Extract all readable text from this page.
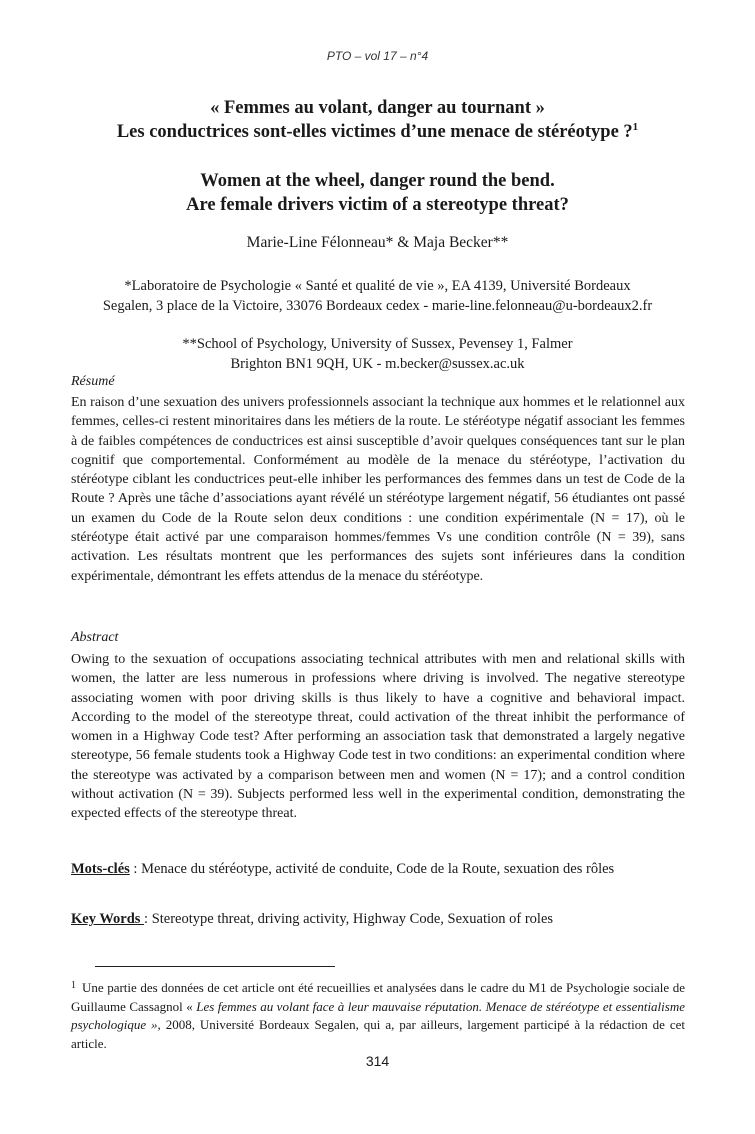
PTO – vol 17 – n°4
« Femmes au volant, danger au tournant »
Les conductrices sont-elles victimes d’une menace de stéréotype ?$^1$
Women at the wheel, danger round the bend.
Are female drivers victim of a stereotype threat?
Marie-Line Félonneau* & Maja Becker**
*Laboratoire de Psychologie « Santé et qualité de vie », EA 4139, Université Bordeaux
Segalen, 3 place de la Victoire, 33076 Bordeaux cedex - marie-line.felonneau@u-bordeaux2.fr
**School of Psychology, University of Sussex, Pevensey 1, Falmer
Brighton BN1 9QH, UK - m.becker@sussex.ac.uk
Résumé
En raison d’une sexuation des univers professionnels associant la technique aux hommes et le relationnel aux femmes, celles-ci restent minoritaires dans les métiers de la route. Le stéréotype négatif associant les femmes à de faibles compétences de conductrices est ainsi susceptible d’avoir quelques conséquences tant sur le plan cognitif que comportemental. Conformément au modèle de la menace du stéréotype, l’activation du stéréotype ciblant les conductrices peut-elle inhiber les performances des femmes dans un test de Code de la Route ? Après une tâche d’associations ayant révélé un stéréotype largement négatif, 56 étudiantes ont passé un examen du Code de la Route selon deux conditions : une condition expérimentale (N = 17), où le stéréotype était activé par une comparaison hommes/femmes Vs une condition contrôle (N = 39), sans activation. Les résultats montrent que les performances des sujets sont inférieures dans la condition expérimentale, démontrant les effets attendus de la menace du stéréotype.
Abstract
Owing to the sexuation of occupations associating technical attributes with men and relational skills with women, the latter are less numerous in professions where driving is involved. The negative stereotype associating women with poor driving skills is thus likely to have a cognitive and behavioral impact. According to the model of the stereotype threat, could activation of the threat inhibit the performance of women in a Highway Code test? After performing an association task that demonstrated a largely negative stereotype, 56 female students took a Highway Code test in two conditions: an experimental condition where the stereotype was activated by a comparison between men and women (N = 17); and a control condition without activation (N = 39). Subjects performed less well in the experimental condition, demonstrating the expected effects of the stereotype threat.
Mots-clés : Menace du stéréotype, activité de conduite, Code de la Route, sexuation des rôles
Key Words : Stereotype threat, driving activity, Highway Code, Sexuation of roles
$^1$ Une partie des données de cet article ont été recueillies et analysées dans le cadre du M1 de Psychologie sociale de Guillaume Cassagnol « Les femmes au volant face à leur mauvaise réputation. Menace de stéréotype et essentialisme psychologique », 2008, Université Bordeaux Segalen, qui a, par ailleurs, largement participé à la rédaction de cet article.
314
